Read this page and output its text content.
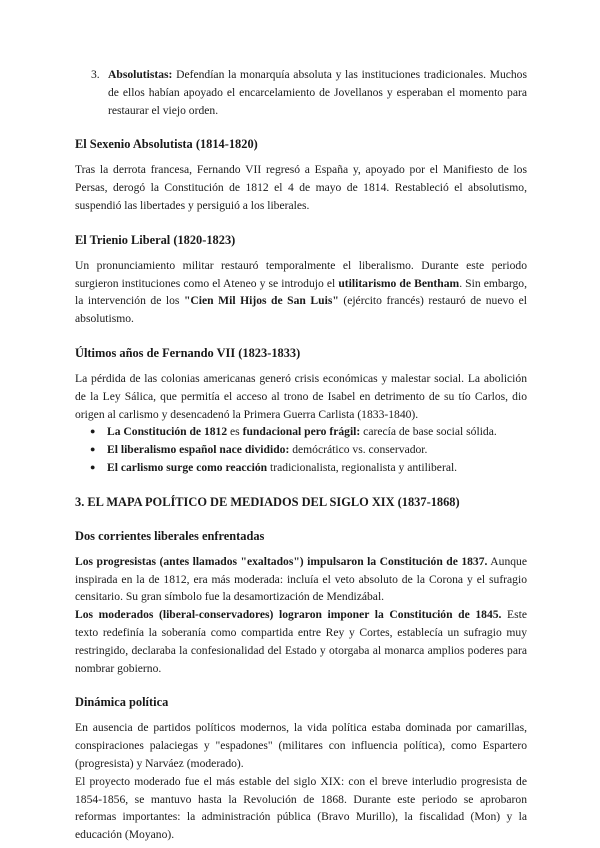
3. Absolutistas: Defendían la monarquía absoluta y las instituciones tradicionales. Muchos de ellos habían apoyado el encarcelamiento de Jovellanos y esperaban el momento para restaurar el viejo orden.

El Sexenio Absolutista (1814-1820)

Tras la derrota francesa, Fernando VII regresó a España y, apoyado por el Manifiesto de los Persas, derogó la Constitución de 1812 el 4 de mayo de 1814. Restableció el absolutismo, suspendió las libertades y persiguió a los liberales.

El Trienio Liberal (1820-1823)

Un pronunciamiento militar restauró temporalmente el liberalismo. Durante este periodo surgieron instituciones como el Ateneo y se introdujo el utilitarismo de Bentham. Sin embargo, la intervención de los "Cien Mil Hijos de San Luis" (ejército francés) restauró de nuevo el absolutismo.

Últimos años de Fernando VII (1823-1833)

La pérdida de las colonias americanas generó crisis económicas y malestar social. La abolición de la Ley Sálica, que permitía el acceso al trono de Isabel en detrimento de su tío Carlos, dio origen al carlismo y desencadenó la Primera Guerra Carlista (1833-1840).

● La Constitución de 1812 es fundacional pero frágil: carecía de base social sólida.
● El liberalismo español nace dividido: demócrático vs. conservador.
● El carlismo surge como reacción tradicionalista, regionalista y antiliberal.
3. EL MAPA POLÍTICO DE MEDIADOS DEL SIGLO XIX (1837-1868)
Dos corrientes liberales enfrentadas

Los progresistas (antes llamados "exaltados") impulsaron la Constitución de 1837. Aunque inspirada en la de 1812, era más moderada: incluía el veto absoluto de la Corona y el sufragio censitario. Su gran símbolo fue la desamortización de Mendizábal.

Los moderados (liberal-conservadores) lograron imponer la Constitución de 1845. Este texto redefinía la soberanía como compartida entre Rey y Cortes, establecía un sufragio muy restringido, declaraba la confesionalidad del Estado y otorgaba al monarca amplios poderes para nombrar gobierno.

Dinámica política

En ausencia de partidos políticos modernos, la vida política estaba dominada por camarillas, conspiraciones palaciegas y "espadones" (militares con influencia política), como Espartero (progresista) y Narváez (moderado).

El proyecto moderado fue el más estable del siglo XIX: con el breve interludio progresista de 1854-1856, se mantuvo hasta la Revolución de 1868. Durante este periodo se aprobaron reformas importantes: la administración pública (Bravo Murillo), la fiscalidad (Mon) y la educación (Moyano).
